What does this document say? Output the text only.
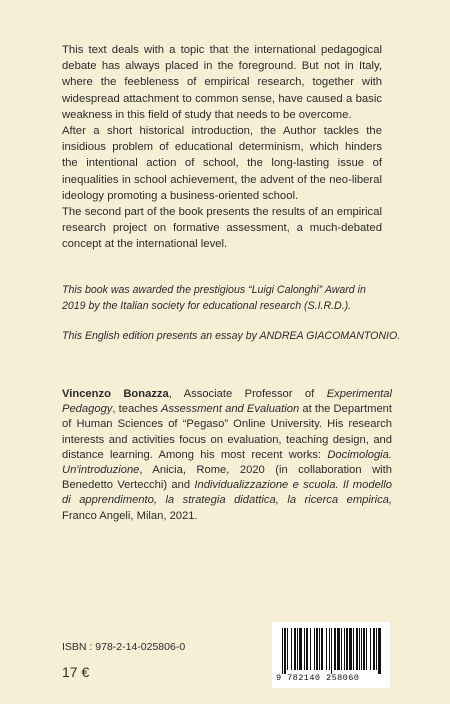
This text deals with a topic that the international pedagogical debate has always placed in the foreground. But not in Italy, where the feebleness of empirical research, together with widespread attachment to common sense, have caused a basic weakness in this field of study that needs to be overcome.

After a short historical introduction, the Author tackles the insidious problem of educational determinism, which hinders the intentional action of school, the long-lasting issue of inequalities in school achievement, the advent of the neo-liberal ideology promoting a business-oriented school.

The second part of the book presents the results of an empirical research project on formative assessment, a much-debated concept at the international level.

This book was awarded the prestigious “Luigi Calonghi” Award in 2019 by the Italian society for educational research (S.I.R.D.).
This English edition presents an essay by ANDREA GIACOMANTONIO.
Vincenzo Bonazza, Associate Professor of Experimental Pedagogy, teaches Assessment and Evaluation at the Department of Human Sciences of “Pegaso” Online University. His research interests and activities focus on evaluation, teaching design, and distance learning. Among his most recent works: Docimologia. Un'introduzione, Anicia, Rome, 2020 (in collaboration with Benedetto Vertecchi) and Individualizzazione e scuola. Il modello di apprendimento, la strategia didattica, la ricerca empirica, Franco Angeli, Milan, 2021.
ISBN : 978-2-14-025806-0
17 €	9 782140 258060
